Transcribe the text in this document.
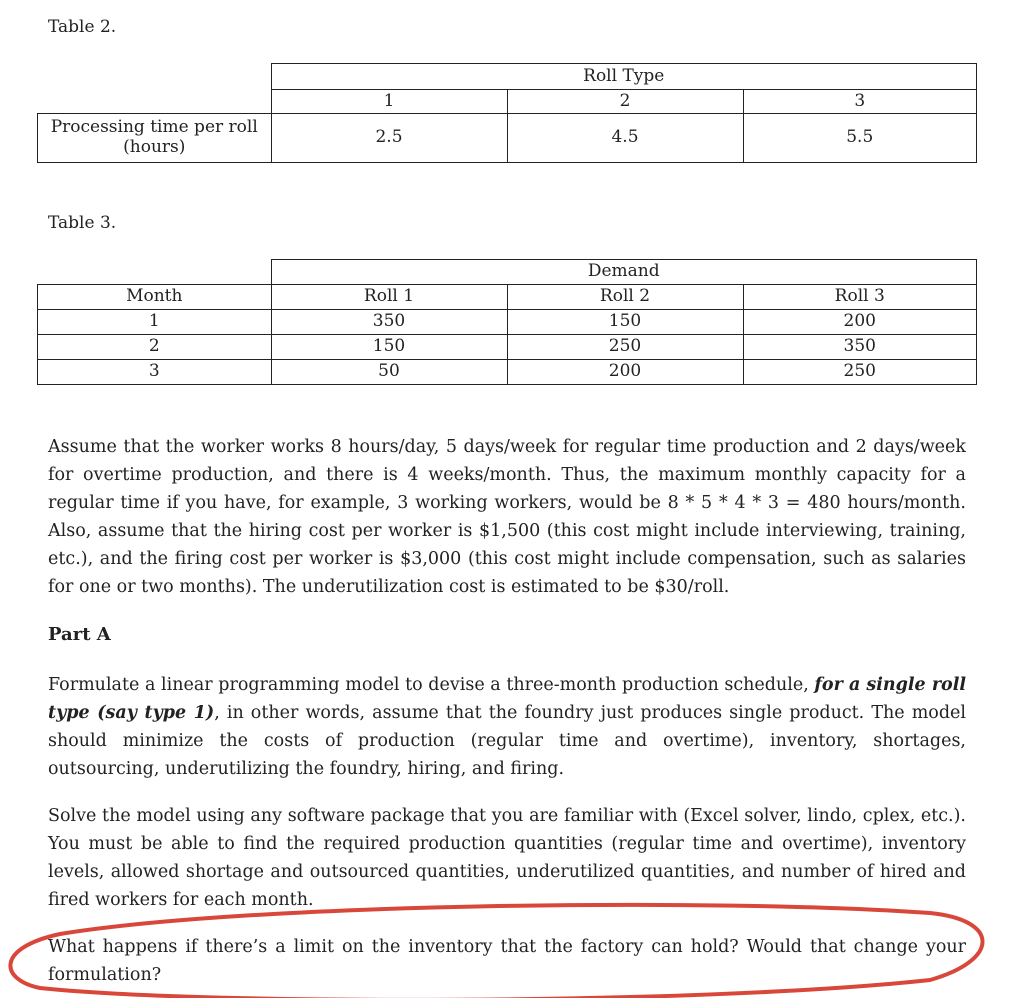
Table 2.
	Roll Type		
	1	2	3

Processing time per roll
(hours)	2.5	4.5	5.5
Table 3.
	Demand		
Month	Roll 1	Roll 2	Roll 3
1	350	150	200
2	150	250	350
3	50	200	250

Assume that the worker works 8 hours/day, 5 days/week for regular time production and 2 days/week for overtime production, and there is 4 weeks/month. Thus, the maximum monthly capacity for a regular time if you have, for example, 3 working workers, would be 8 * 5 * 4 * 3 = 480 hours/month. Also, assume that the hiring cost per worker is $1,500 (this cost might include interviewing, training, etc.), and the firing cost per worker is $3,000 (this cost might include compensation, such as salaries for one or two months). The underutilization cost is estimated to be $30/roll.

Part A

Formulate a linear programming model to devise a three-month production schedule, for a single roll type (say type 1), in other words, assume that the foundry just produces single product. The model should minimize the costs of production (regular time and overtime), inventory, shortages, outsourcing, underutilizing the foundry, hiring, and firing.

Solve the model using any software package that you are familiar with (Excel solver, lindo, cplex, etc.). You must be able to find the required production quantities (regular time and overtime), inventory levels, allowed shortage and outsourced quantities, underutilized quantities, and number of hired and fired workers for each month.

What happens if there’s a limit on the inventory that the factory can hold? Would that change your formulation?
